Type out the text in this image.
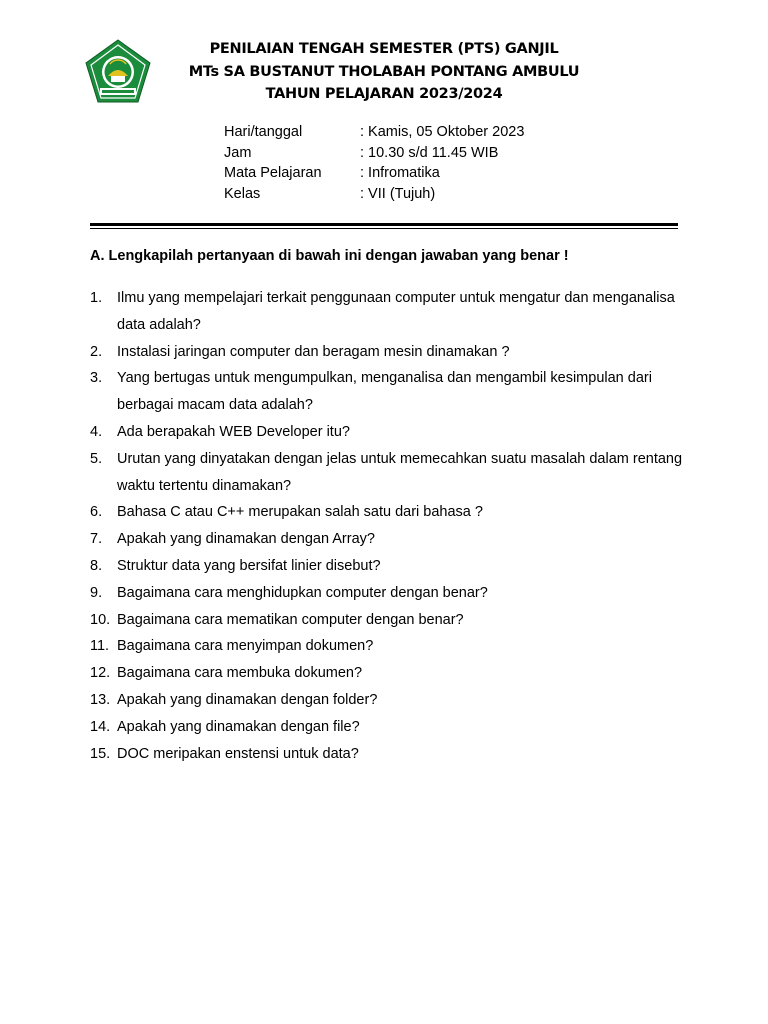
PENILAIAN TENGAH SEMESTER (PTS) GANJIL
MTs SA BUSTANUT THOLABAH PONTANG AMBULU
TAHUN PELAJARAN 2023/2024
Hari/tanggal	: Kamis, 05 Oktober 2023
Jam	: 10.30 s/d 11.45 WIB
Mata Pelajaran	: Infromatika
Kelas	: VII (Tujuh)
A. Lengkapilah pertanyaan di bawah ini dengan jawaban yang benar !
1.	Ilmu yang mempelajari terkait penggunaan computer untuk mengatur dan menganalisa data adalah?
2.	Instalasi jaringan computer dan beragam mesin dinamakan ?
3.	Yang bertugas untuk mengumpulkan, menganalisa dan mengambil kesimpulan dari berbagai macam data adalah?
4.	Ada berapakah WEB Developer itu?
5.	Urutan yang dinyatakan dengan jelas untuk memecahkan suatu masalah dalam rentang waktu tertentu dinamakan?
6.	Bahasa C atau C++ merupakan salah satu dari bahasa ?
7.	Apakah yang dinamakan dengan Array?
8.	Struktur data yang bersifat linier disebut?
9.	Bagaimana cara menghidupkan computer dengan benar?
10. Bagaimana cara mematikan computer dengan benar?
11. Bagaimana cara menyimpan dokumen?
12. Bagaimana cara membuka dokumen?
13. Apakah yang dinamakan dengan folder?
14. Apakah yang dinamakan dengan file?
15. DOC meripakan enstensi untuk data?
